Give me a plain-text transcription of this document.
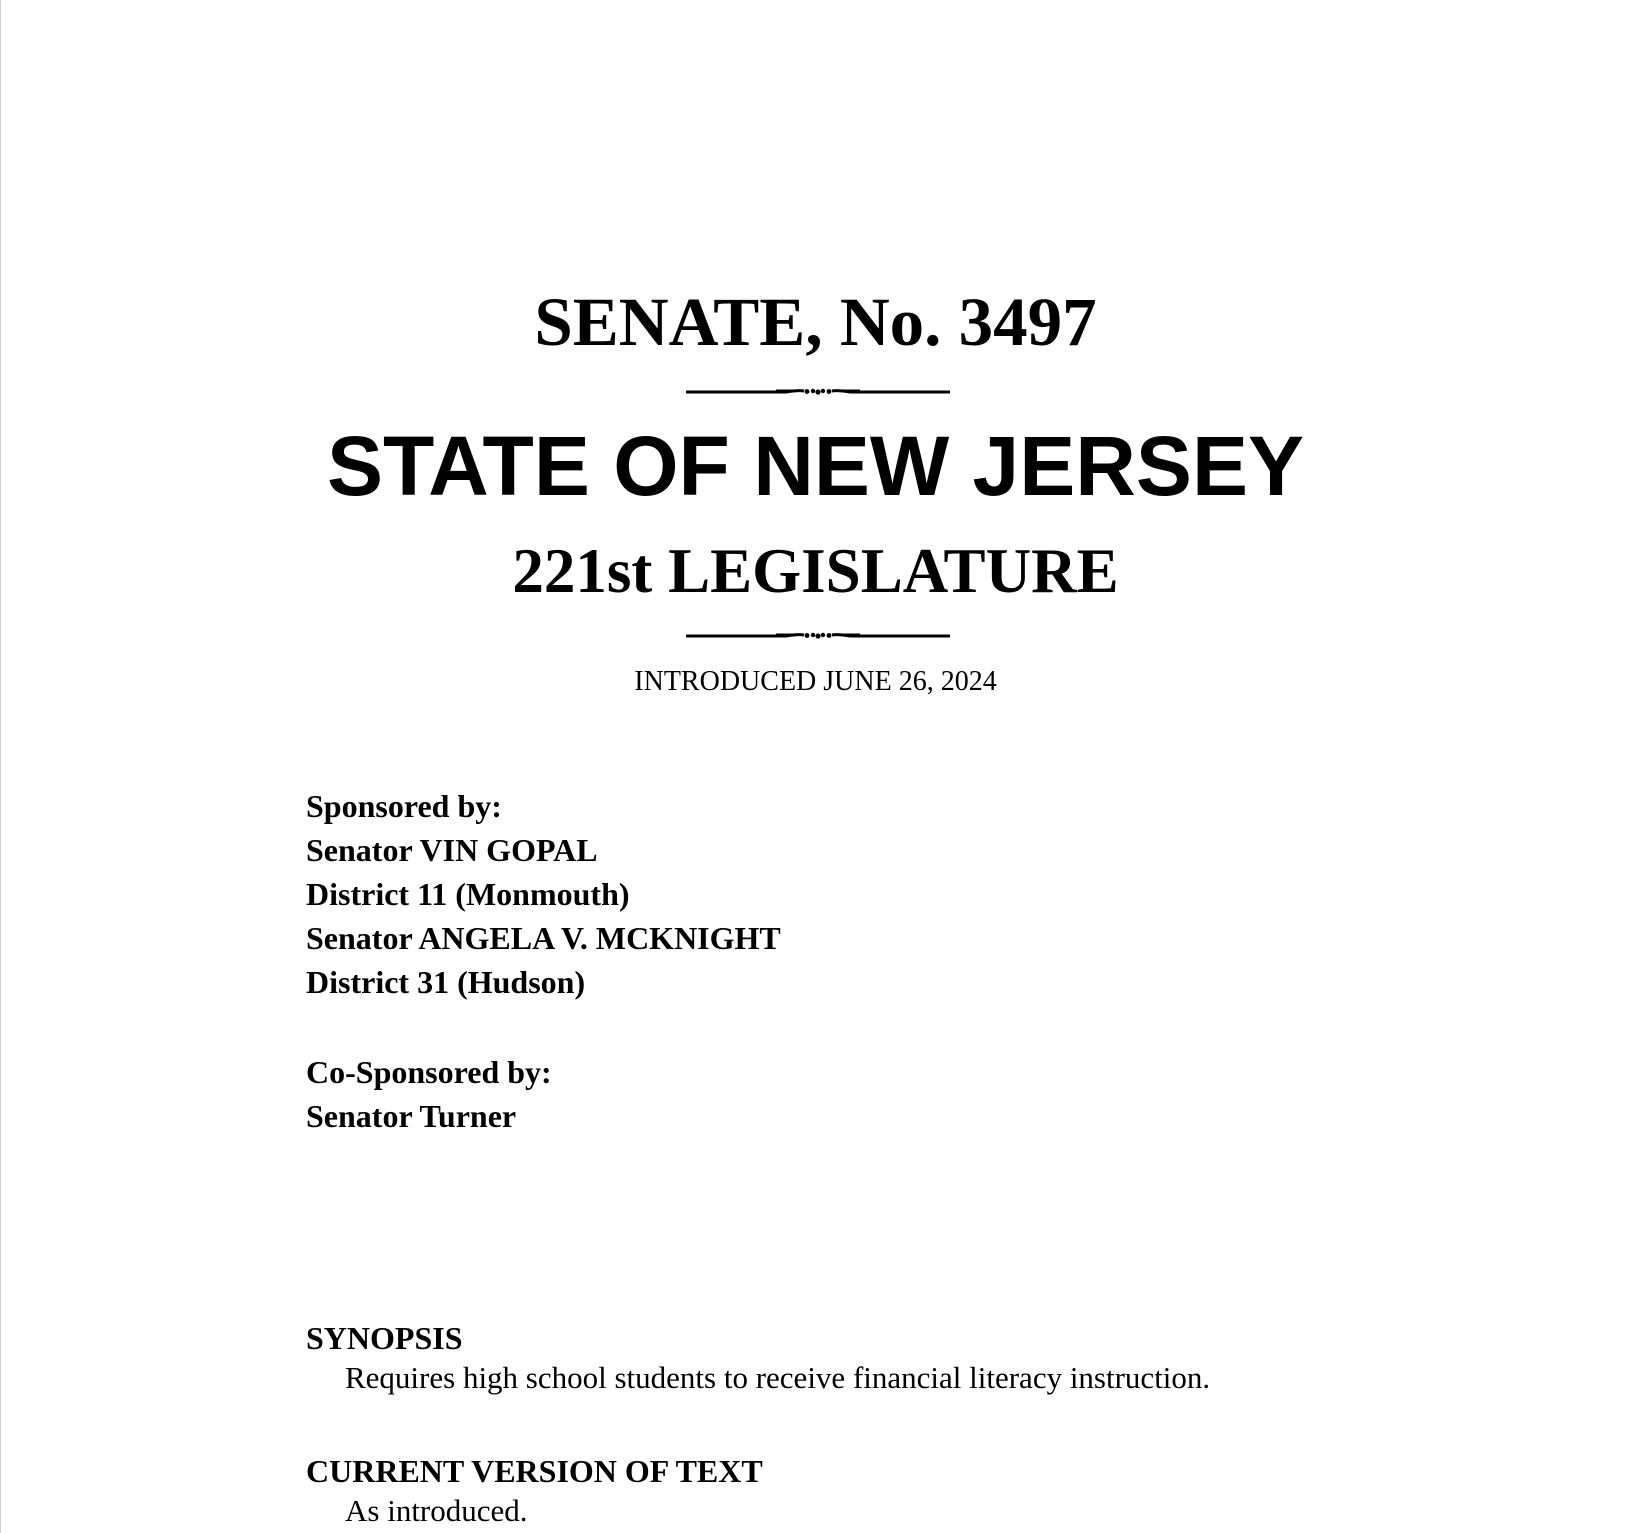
SENATE, No. 3497
STATE OF NEW JERSEY
221st LEGISLATURE
INTRODUCED JUNE 26, 2024
Sponsored by:
Senator VIN GOPAL
District 11 (Monmouth)
Senator ANGELA V. MCKNIGHT
District 31 (Hudson)
Co-Sponsored by:
Senator Turner
SYNOPSIS
Requires high school students to receive financial literacy instruction.
CURRENT VERSION OF TEXT
As introduced.
